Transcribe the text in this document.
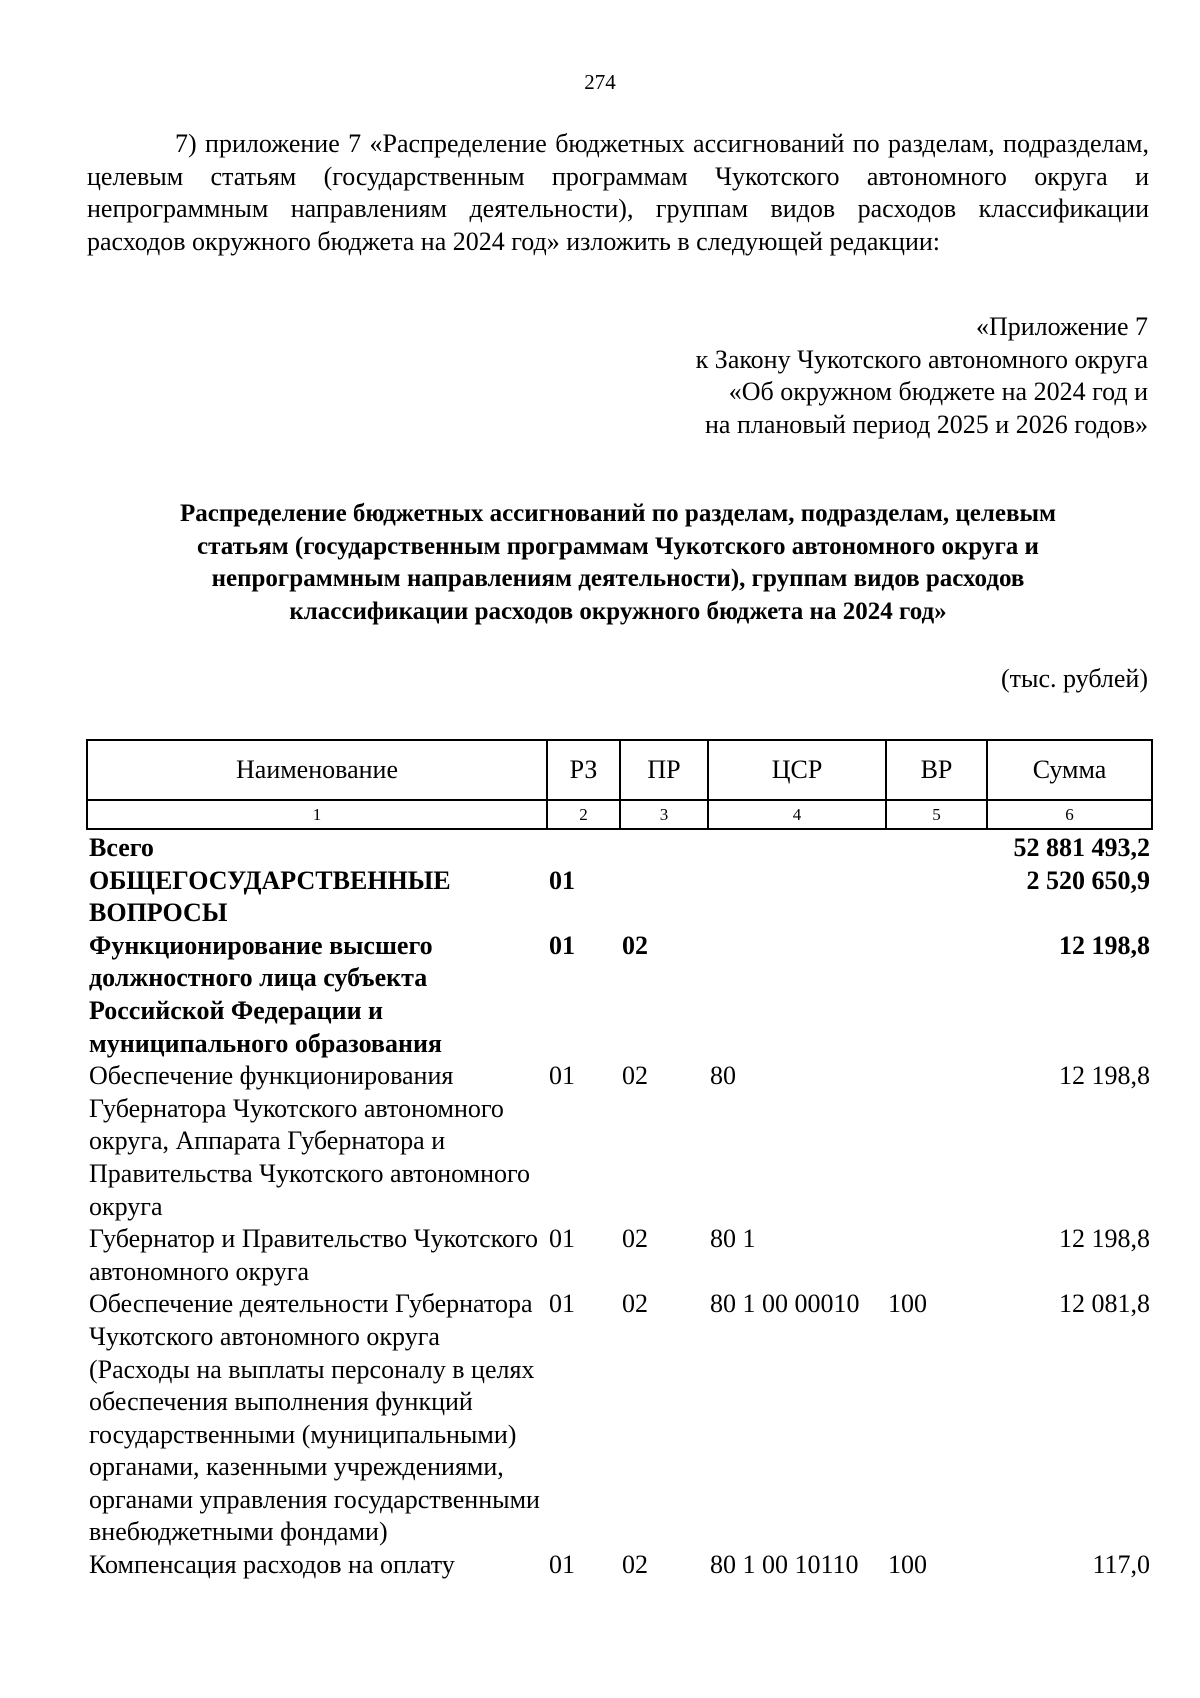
274

7) приложение 7 «Распределение бюджетных ассигнований по разделам, подразделам, целевым статьям (государственным программам Чукотского автономного округа и непрограммным направлениям деятельности), группам видов расходов классификации расходов окружного бюджета на 2024 год» изложить в следующей редакции:

«Приложение 7
к Закону Чукотского автономного округа
«Об окружном бюджете на 2024 год и
на плановый период 2025 и 2026 годов»
Распределение бюджетных ассигнований по разделам, подразделам, целевым
статьям (государственным программам Чукотского автономного округа и
непрограммным направлениям деятельности), группам видов расходов
классификации расходов окружного бюджета на 2024 год»
(тыс. рублей)
Наименование	РЗ	ПР	ЦСР	ВР	Сумма
1	2	3	4	5	6
Всего					52 881 493,2
ОБЩЕГОСУДАРСТВЕННЫЕ ВОПРОСЫ	01				2 520 650,9
Функционирование высшего должностного лица субъекта Российской Федерации и муниципального образования	01	02			12 198,8
Обеспечение функционирования Губернатора Чукотского автономного округа, Аппарата Губернатора и Правительства Чукотского автономного округа	01	02	80		12 198,8
Губернатор и Правительство Чукотского автономного округа	01	02	80 1		12 198,8
Обеспечение деятельности Губернатора Чукотского автономного округа (Расходы на выплаты персоналу в целях обеспечения выполнения функций государственными (муниципальными) органами, казенными учреждениями, органами управления государственными внебюджетными фондами)	01	02	80 1 00 00010	100	12 081,8
Компенсация расходов на оплату	01	02	80 1 00 10110	100	117,0
